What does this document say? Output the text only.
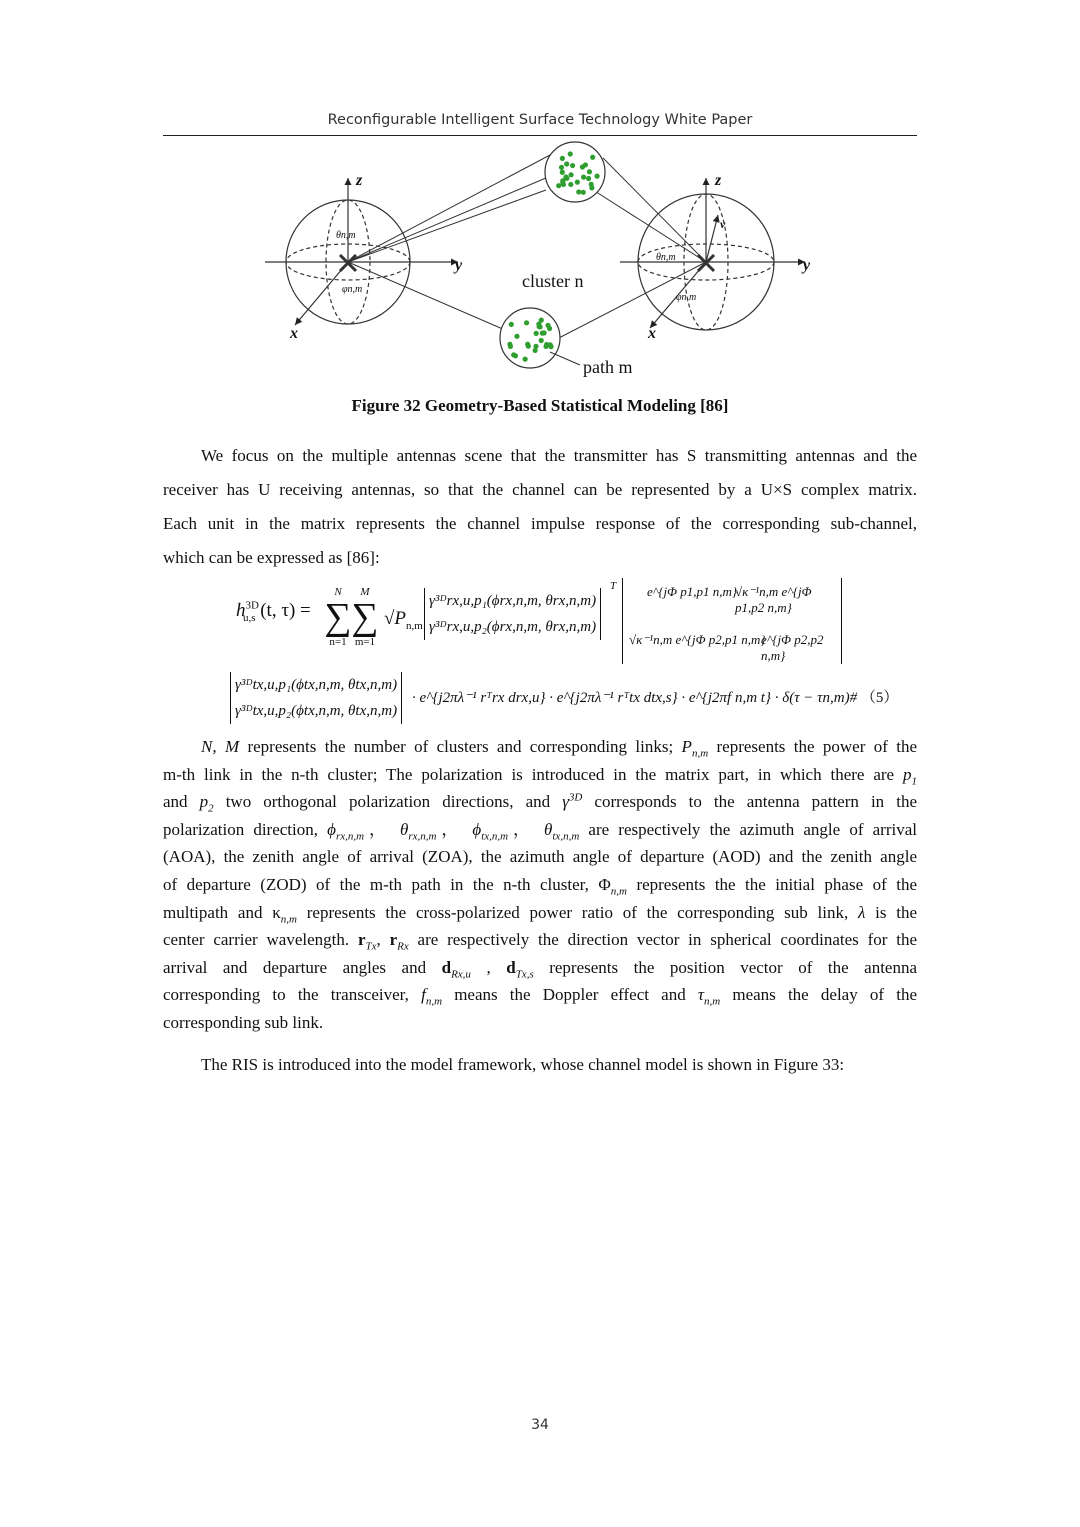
Reconfigurable Intelligent Surface Technology White Paper
z	z
y	y
x	x
cluster n
path m
θn,m
φn,m
θn,m
φn,m
v
Figure 32 Geometry-Based Statistical Modeling [86]
We focus on the multiple antennas scene that the transmitter has S transmitting antennas and the
receiver has U receiving antennas, so that the channel can be represented by a U×S complex matrix.
Each unit in the matrix represents the channel impulse response of the corresponding sub-channel,
which can be expressed as [86]:
$h^{3D}_{u,s}$ (t, τ) =
N
∑
n=1
M
∑
m=1
$√P_{n,m}$
γ³ᴰrx,u,p₁(ϕrx,n,m, θrx,n,m)
γ³ᴰrx,u,p₂(ϕrx,n,m, θrx,n,m)
T e^{jΦ p1,p1 n,m}
√κ⁻¹n,m e^{jΦ p1,p2 n,m}
√κ⁻¹n,m e^{jΦ p2,p1 n,m}
e^{jΦ p2,p2 n,m}
γ³ᴰtx,u,p₁(ϕtx,n,m, θtx,n,m)
γ³ᴰtx,u,p₂(ϕtx,n,m, θtx,n,m)
· e^{j2πλ⁻¹ rᵀrx drx,u} · e^{j2πλ⁻¹ rᵀtx dtx,s} · e^{j2πf n,m t} · δ(τ − τn,m)# （5）
N, M represents the number of clusters and corresponding links; $P_{n,m}$ represents the power of the
m-th link in the n-th cluster; The polarization is introduced in the matrix part, in which there are $p_1$
and $p_2$ two orthogonal polarization directions, and $\gamma^{3D}$ corresponds to the antenna pattern in the
polarization direction, $\phi_{rx,n,m}$， $\theta_{rx,n,m}$， $\phi_{tx,n,m}$， $\theta_{tx,n,m}$ are respectively the azimuth angle of arrival
(AOA), the zenith angle of arrival (ZOA), the azimuth angle of departure (AOD) and the zenith angle
of departure (ZOD) of the m-th path in the n-th cluster, $\Phi_{n,m}$ represents the the initial phase of the
multipath and $\kappa_{n,m}$ represents the cross-polarized power ratio of the corresponding sub link, λ is the
center carrier wavelength. $r_{Tx}$, $r_{Rx}$ are respectively the direction vector in spherical coordinates for the
arrival and departure angles and $d_{Rx,u}$ , $d_{Tx,s}$ represents the position vector of the antenna
corresponding to the transceiver, $f_{n,m}$ means the Doppler effect and $\tau_{n,m}$ means the delay of the
corresponding sub link.
The RIS is introduced into the model framework, whose channel model is shown in Figure 33:
34
